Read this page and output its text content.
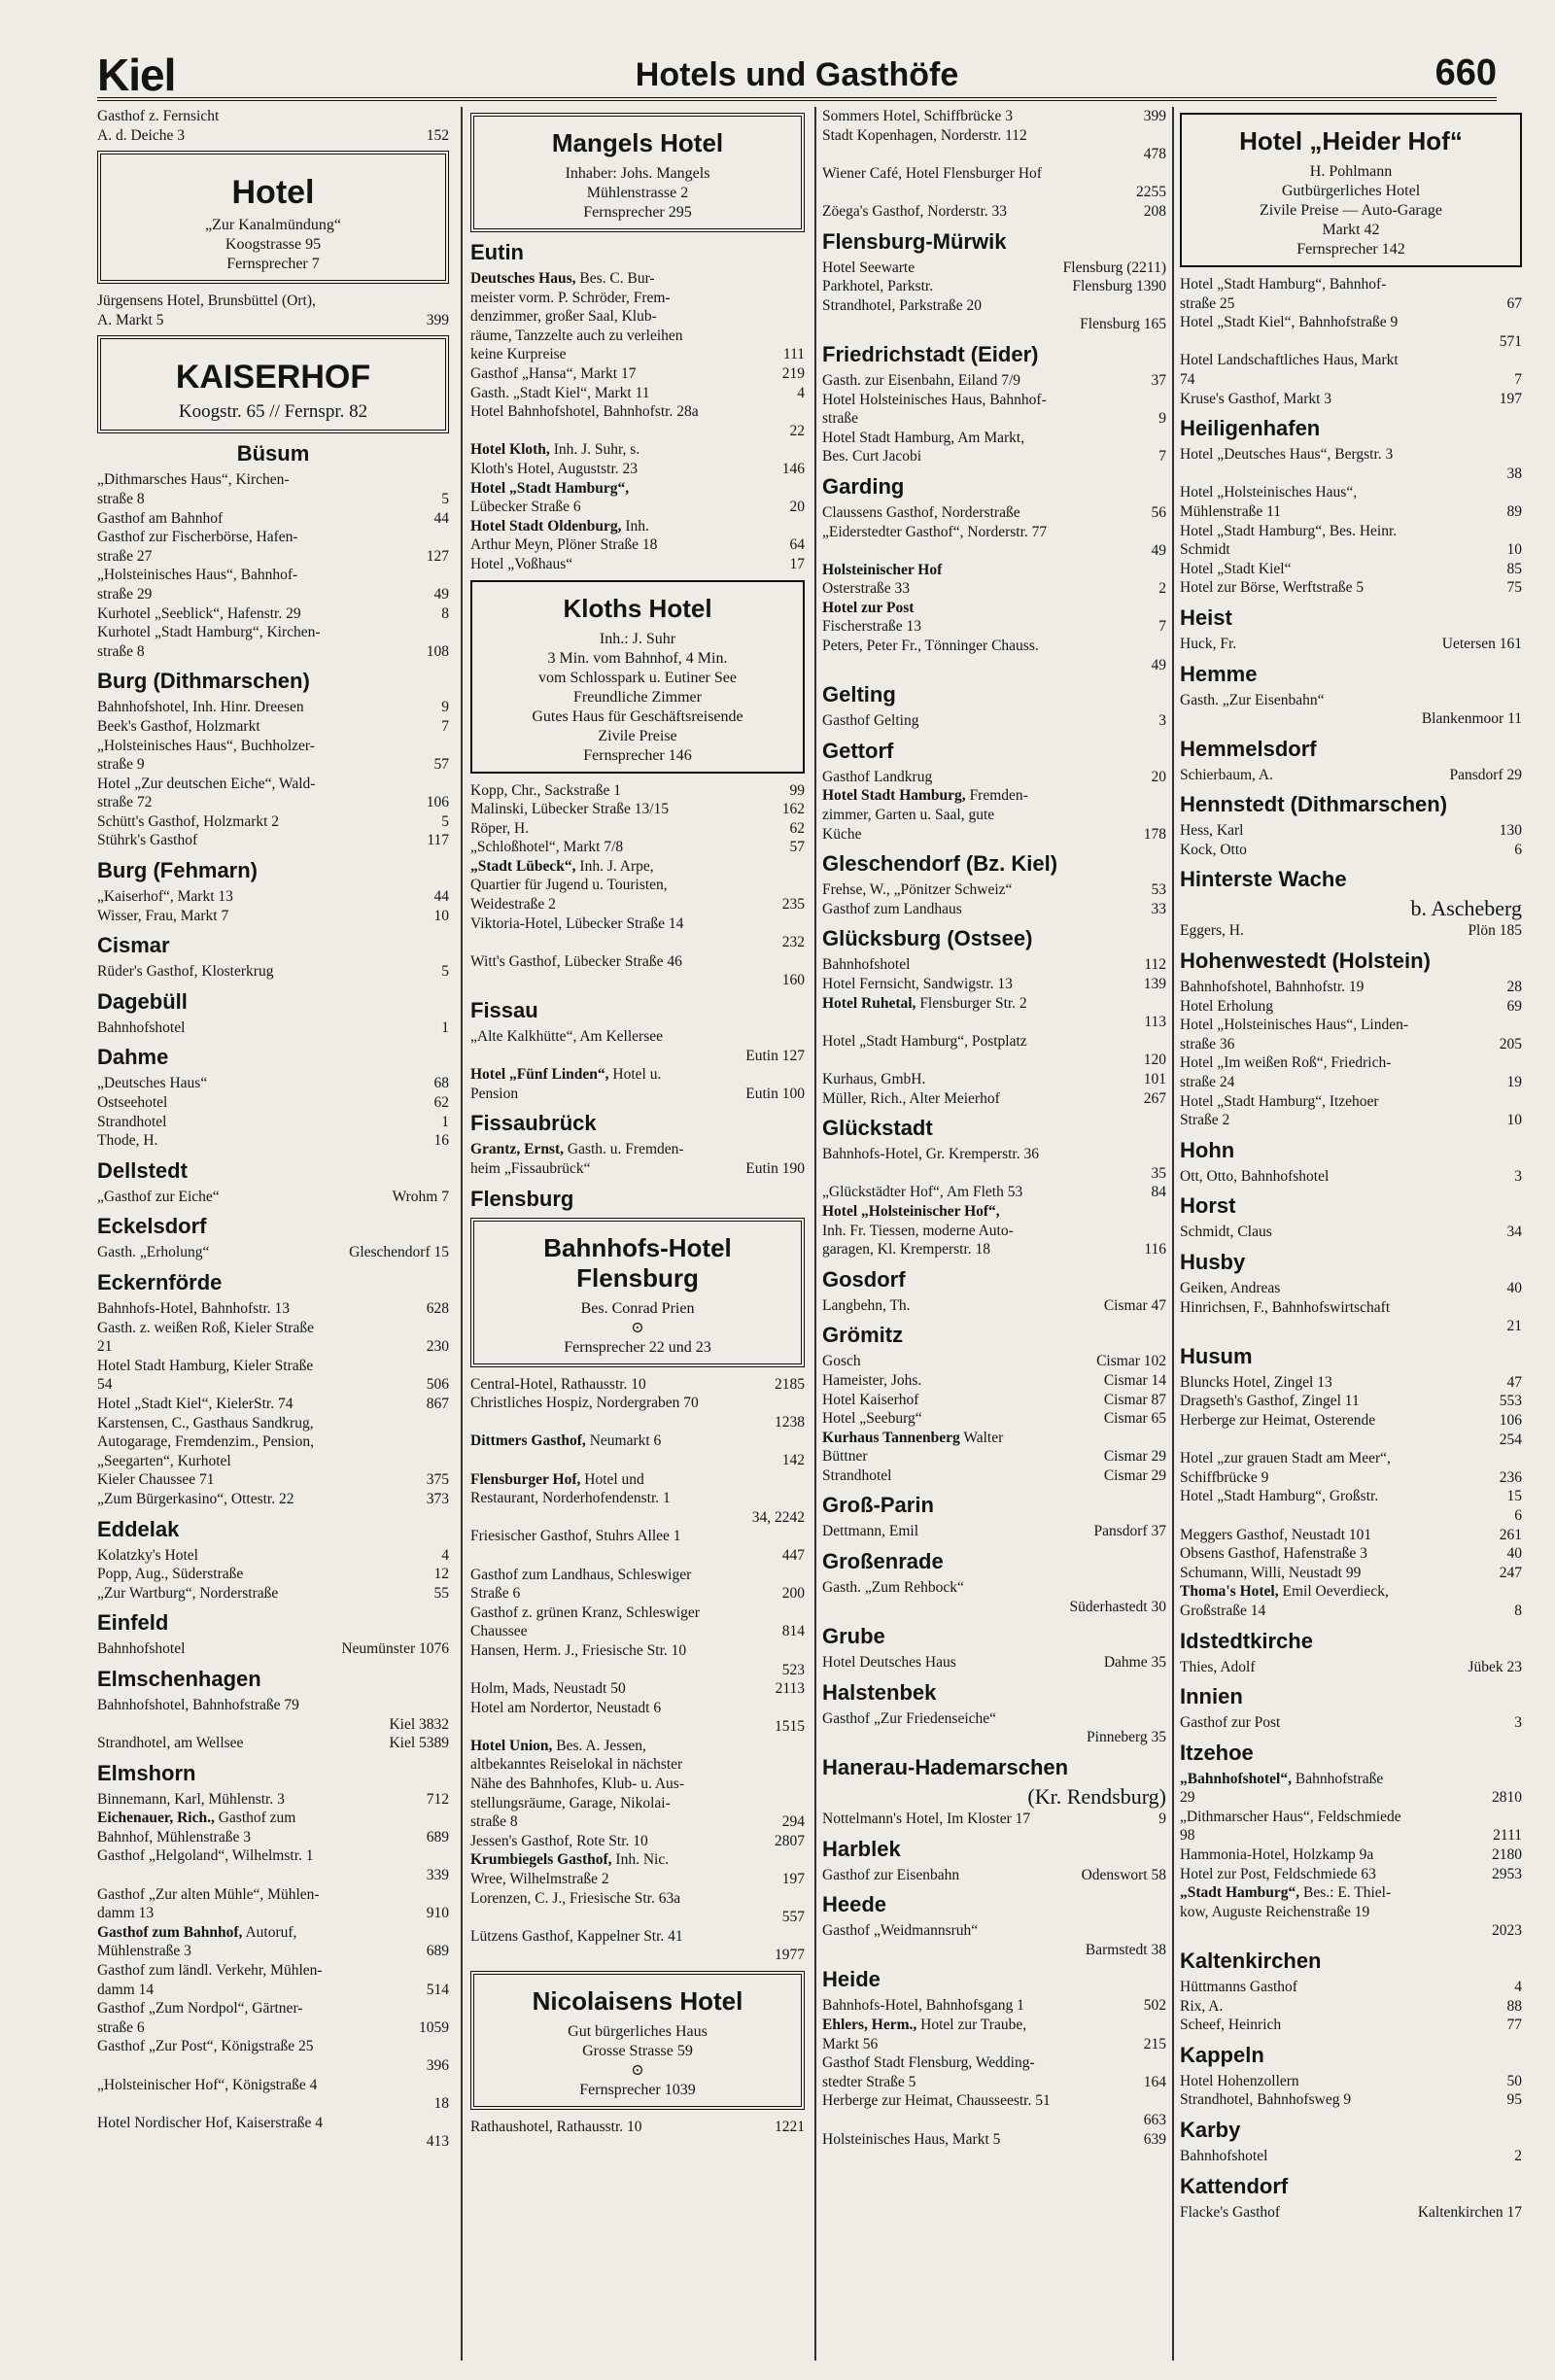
Kiel	Hotels und Gasthöfe	660
Gasthof z. Fernsicht
A. d. Deiche 3	152
Hotel
„Zur Kanalmündung“
Koogstrasse 95
Fernsprecher 7
Jürgensens Hotel, Brunsbüttel (Ort),
A. Markt 5	399
KAISERHOF
Koogstr. 65 // Fernspr. 82
Büsum
„Dithmarsches Haus“, Kirchen-
straße 8	5
Gasthof am Bahnhof	44
Gasthof zur Fischerbörse, Hafen-
straße 27	127
„Holsteinisches Haus“, Bahnhof-
straße 29	49
Kurhotel „Seeblick“, Hafenstr. 29	8
Kurhotel „Stadt Hamburg“, Kirchen-
straße 8	108
Burg (Dithmarschen)
Bahnhofshotel, Inh. Hinr. Dreesen	9
Beek's Gasthof, Holzmarkt	7
„Holsteinisches Haus“, Buchholzer-
straße 9	57
Hotel „Zur deutschen Eiche“, Wald-
straße 72	106
Schütt's Gasthof, Holzmarkt 2	5
Stührk's Gasthof	117
Burg (Fehmarn)
„Kaiserhof“, Markt 13	44
Wisser, Frau, Markt 7	10
Cismar
Rüder's Gasthof, Klosterkrug	5
Dagebüll
Bahnhofshotel	1
Dahme
„Deutsches Haus“	68
Ostseehotel	62
Strandhotel	1
Thode, H.	16
Dellstedt
„Gasthof zur Eiche“	Wrohm 7
Eckelsdorf
Gasth. „Erholung“	Gleschendorf 15
Eckernförde
Bahnhofs-Hotel, Bahnhofstr. 13	628
Gasth. z. weißen Roß, Kieler Straße
21	230
Hotel Stadt Hamburg, Kieler Straße
54	506
Hotel „Stadt Kiel“, KielerStr. 74	867
Karstensen, C., Gasthaus Sandkrug,
Autogarage, Fremdenzim., Pension,
„Seegarten“, Kurhotel
Kieler Chaussee 71	375
„Zum Bürgerkasino“, Ottestr. 22	373
Eddelak
Kolatzky's Hotel	4
Popp, Aug., Süderstraße	12
„Zur Wartburg“, Norderstraße	55
Einfeld
Bahnhofshotel	Neumünster 1076
Elmschenhagen
Bahnhofshotel, Bahnhofstraße 79
Kiel 3832
Strandhotel, am Wellsee	Kiel 5389
Elmshorn
Binnemann, Karl, Mühlenstr. 3	712
Eichenauer, Rich., Gasthof zum
Bahnhof, Mühlenstraße 3	689
Gasthof „Helgoland“, Wilhelmstr. 1
339
Gasthof „Zur alten Mühle“, Mühlen-
damm 13	910
Gasthof zum Bahnhof, Autoruf,
Mühlenstraße 3	689
Gasthof zum ländl. Verkehr, Mühlen-
damm 14	514
Gasthof „Zum Nordpol“, Gärtner-
straße 6	1059
Gasthof „Zur Post“, Königstraße 25
396
„Holsteinischer Hof“, Königstraße 4
18
Hotel Nordischer Hof, Kaiserstraße 4
413
Mangels Hotel
Inhaber: Johs. Mangels
Mühlenstrasse 2
Fernsprecher 295
Eutin
Deutsches Haus, Bes. C. Bur-
meister vorm. P. Schröder, Frem-
denzimmer, großer Saal, Klub-
räume, Tanzzelte auch zu verleihen
keine Kurpreise	111
Gasthof „Hansa“, Markt 17	219
Gasth. „Stadt Kiel“, Markt 11	4
Hotel Bahnhofshotel, Bahnhofstr. 28a
22
Hotel Kloth, Inh. J. Suhr, s.
Kloth's Hotel, Auguststr. 23	146
Hotel „Stadt Hamburg“,
Lübecker Straße 6	20
Hotel Stadt Oldenburg, Inh.
Arthur Meyn, Plöner Straße 18	64
Hotel „Voßhaus“	17
Kloths Hotel
Inh.: J. Suhr
3 Min. vom Bahnhof, 4 Min.
vom Schlosspark u. Eutiner See
Freundliche Zimmer
Gutes Haus für Geschäftsreisende
Zivile Preise
Fernsprecher 146
Kopp, Chr., Sackstraße 1	99
Malinski, Lübecker Straße 13/15	162
Röper, H.	62
„Schloßhotel“, Markt 7/8	57
„Stadt Lübeck“, Inh. J. Arpe,
Quartier für Jugend u. Touristen,
Weidestraße 2	235
Viktoria-Hotel, Lübecker Straße 14
232
Witt's Gasthof, Lübecker Straße 46
160
Fissau
„Alte Kalkhütte“, Am Kellersee
Eutin 127
Hotel „Fünf Linden“, Hotel u.
Pension	Eutin 100
Fissaubrück
Grantz, Ernst, Gasth. u. Fremden-
heim „Fissaubrück“	Eutin 190
Flensburg
Bahnhofs-Hotel Flensburg
Bes. Conrad Prien
⊙
Fernsprecher 22 und 23
Central-Hotel, Rathausstr. 10	2185
Christliches Hospiz, Nordergraben 70
1238
Dittmers Gasthof, Neumarkt 6
142
Flensburger Hof, Hotel und
Restaurant, Norderhofendenstr. 1
34, 2242
Friesischer Gasthof, Stuhrs Allee 1
447
Gasthof zum Landhaus, Schleswiger
Straße 6	200
Gasthof z. grünen Kranz, Schleswiger
Chaussee	814
Hansen, Herm. J., Friesische Str. 10
523
Holm, Mads, Neustadt 50	2113
Hotel am Nordertor, Neustadt 6
1515
Hotel Union, Bes. A. Jessen,
altbekanntes Reiselokal in nächster
Nähe des Bahnhofes, Klub- u. Aus-
stellungsräume, Garage, Nikolai-
straße 8	294
Jessen's Gasthof, Rote Str. 10	2807
Krumbiegels Gasthof, Inh. Nic.
Wree, Wilhelmstraße 2	197
Lorenzen, C. J., Friesische Str. 63a
557
Lützens Gasthof, Kappelner Str. 41
1977
Nicolaisens Hotel
Gut bürgerliches Haus
Grosse Strasse 59
⊙
Fernsprecher 1039
Rathaushotel, Rathausstr. 10	1221
Sommers Hotel, Schiffbrücke 3	399
Stadt Kopenhagen, Norderstr. 112
478
Wiener Café, Hotel Flensburger Hof
2255
Zöega's Gasthof, Norderstr. 33	208
Flensburg-Mürwik
Hotel Seewarte	Flensburg (2211)
Parkhotel, Parkstr.	Flensburg 1390
Strandhotel, Parkstraße 20
Flensburg 165
Friedrichstadt (Eider)
Gasth. zur Eisenbahn, Eiland 7/9	37
Hotel Holsteinisches Haus, Bahnhof-
straße	9
Hotel Stadt Hamburg, Am Markt,
Bes. Curt Jacobi	7
Garding
Claussens Gasthof, Norderstraße	56
„Eiderstedter Gasthof“, Norderstr. 77
49
Holsteinischer Hof
Osterstraße 33	2
Hotel zur Post
Fischerstraße 13	7
Peters, Peter Fr., Tönninger Chauss.
49
Gelting
Gasthof Gelting	3
Gettorf
Gasthof Landkrug	20
Hotel Stadt Hamburg, Fremden-
zimmer, Garten u. Saal, gute
Küche	178
Gleschendorf (Bz. Kiel)
Frehse, W., „Pönitzer Schweiz“	53
Gasthof zum Landhaus	33
Glücksburg (Ostsee)
Bahnhofshotel	112
Hotel Fernsicht, Sandwigstr. 13	139
Hotel Ruhetal, Flensburger Str. 2
113
Hotel „Stadt Hamburg“, Postplatz
120
Kurhaus, GmbH.	101
Müller, Rich., Alter Meierhof	267
Glückstadt
Bahnhofs-Hotel, Gr. Kremperstr. 36
35
„Glückstädter Hof“, Am Fleth 53	84
Hotel „Holsteinischer Hof“,
Inh. Fr. Tiessen, moderne Auto-
garagen, Kl. Kremperstr. 18	116
Gosdorf
Langbehn, Th.	Cismar 47
Grömitz
Gosch	Cismar 102
Hameister, Johs.	Cismar 14
Hotel Kaiserhof	Cismar 87
Hotel „Seeburg“	Cismar 65
Kurhaus Tannenberg Walter
Büttner	Cismar 29
Strandhotel	Cismar 29
Groß-Parin
Dettmann, Emil	Pansdorf 37
Großenrade
Gasth. „Zum Rehbock“
Süderhastedt 30
Grube
Hotel Deutsches Haus	Dahme 35
Halstenbek
Gasthof „Zur Friedenseiche“
Pinneberg 35
Hanerau-Hademarschen
(Kr. Rendsburg)
Nottelmann's Hotel, Im Kloster 17	9
Harblek
Gasthof zur Eisenbahn	Odenswort 58
Heede
Gasthof „Weidmannsruh“
Barmstedt 38
Heide
Bahnhofs-Hotel, Bahnhofsgang 1	502
Ehlers, Herm., Hotel zur Traube,
Markt 56	215
Gasthof Stadt Flensburg, Wedding-
stedter Straße 5	164
Herberge zur Heimat, Chausseestr. 51
663
Holsteinisches Haus, Markt 5	639
Hotel „Heider Hof“
H. Pohlmann
Gutbürgerliches Hotel
Zivile Preise — Auto-Garage
Markt 42
Fernsprecher 142
Hotel „Stadt Hamburg“, Bahnhof-
straße 25	67
Hotel „Stadt Kiel“, Bahnhofstraße 9
571
Hotel Landschaftliches Haus, Markt
74	7
Kruse's Gasthof, Markt 3	197
Heiligenhafen
Hotel „Deutsches Haus“, Bergstr. 3
38
Hotel „Holsteinisches Haus“,
Mühlenstraße 11	89
Hotel „Stadt Hamburg“, Bes. Heinr.
Schmidt	10
Hotel „Stadt Kiel“	85
Hotel zur Börse, Werftstraße 5	75
Heist
Huck, Fr.	Uetersen 161
Hemme
Gasth. „Zur Eisenbahn“
Blankenmoor 11
Hemmelsdorf
Schierbaum, A.	Pansdorf 29
Hennstedt (Dithmarschen)
Hess, Karl	130
Kock, Otto	6
Hinterste Wache
b. Ascheberg
Eggers, H.	Plön 185
Hohenwestedt (Holstein)
Bahnhofshotel, Bahnhofstr. 19	28
Hotel Erholung	69
Hotel „Holsteinisches Haus“, Linden-
straße 36	205
Hotel „Im weißen Roß“, Friedrich-
straße 24	19
Hotel „Stadt Hamburg“, Itzehoer
Straße 2	10
Hohn
Ott, Otto, Bahnhofshotel	3
Horst
Schmidt, Claus	34
Husby
Geiken, Andreas	40
Hinrichsen, F., Bahnhofswirtschaft
21
Husum
Bluncks Hotel, Zingel 13	47
Dragseth's Gasthof, Zingel 11	553
Herberge zur Heimat, Osterende	106
254
Hotel „zur grauen Stadt am Meer“,
Schiffbrücke 9	236
Hotel „Stadt Hamburg“, Großstr.	15
6
Meggers Gasthof, Neustadt 101	261
Obsens Gasthof, Hafenstraße 3	40
Schumann, Willi, Neustadt 99	247
Thoma's Hotel, Emil Oeverdieck,
Großstraße 14	8
Idstedtkirche
Thies, Adolf	Jübek 23
Innien
Gasthof zur Post	3
Itzehoe
„Bahnhofshotel“, Bahnhofstraße
29	2810
„Dithmarscher Haus“, Feldschmiede
98	2111
Hammonia-Hotel, Holzkamp 9a	2180
Hotel zur Post, Feldschmiede 63	2953
„Stadt Hamburg“, Bes.: E. Thiel-
kow, Auguste Reichenstraße 19
2023
Kaltenkirchen
Hüttmanns Gasthof	4
Rix, A.	88
Scheef, Heinrich	77
Kappeln
Hotel Hohenzollern	50
Strandhotel, Bahnhofsweg 9	95
Karby
Bahnhofshotel	2
Kattendorf
Flacke's Gasthof	Kaltenkirchen 17
